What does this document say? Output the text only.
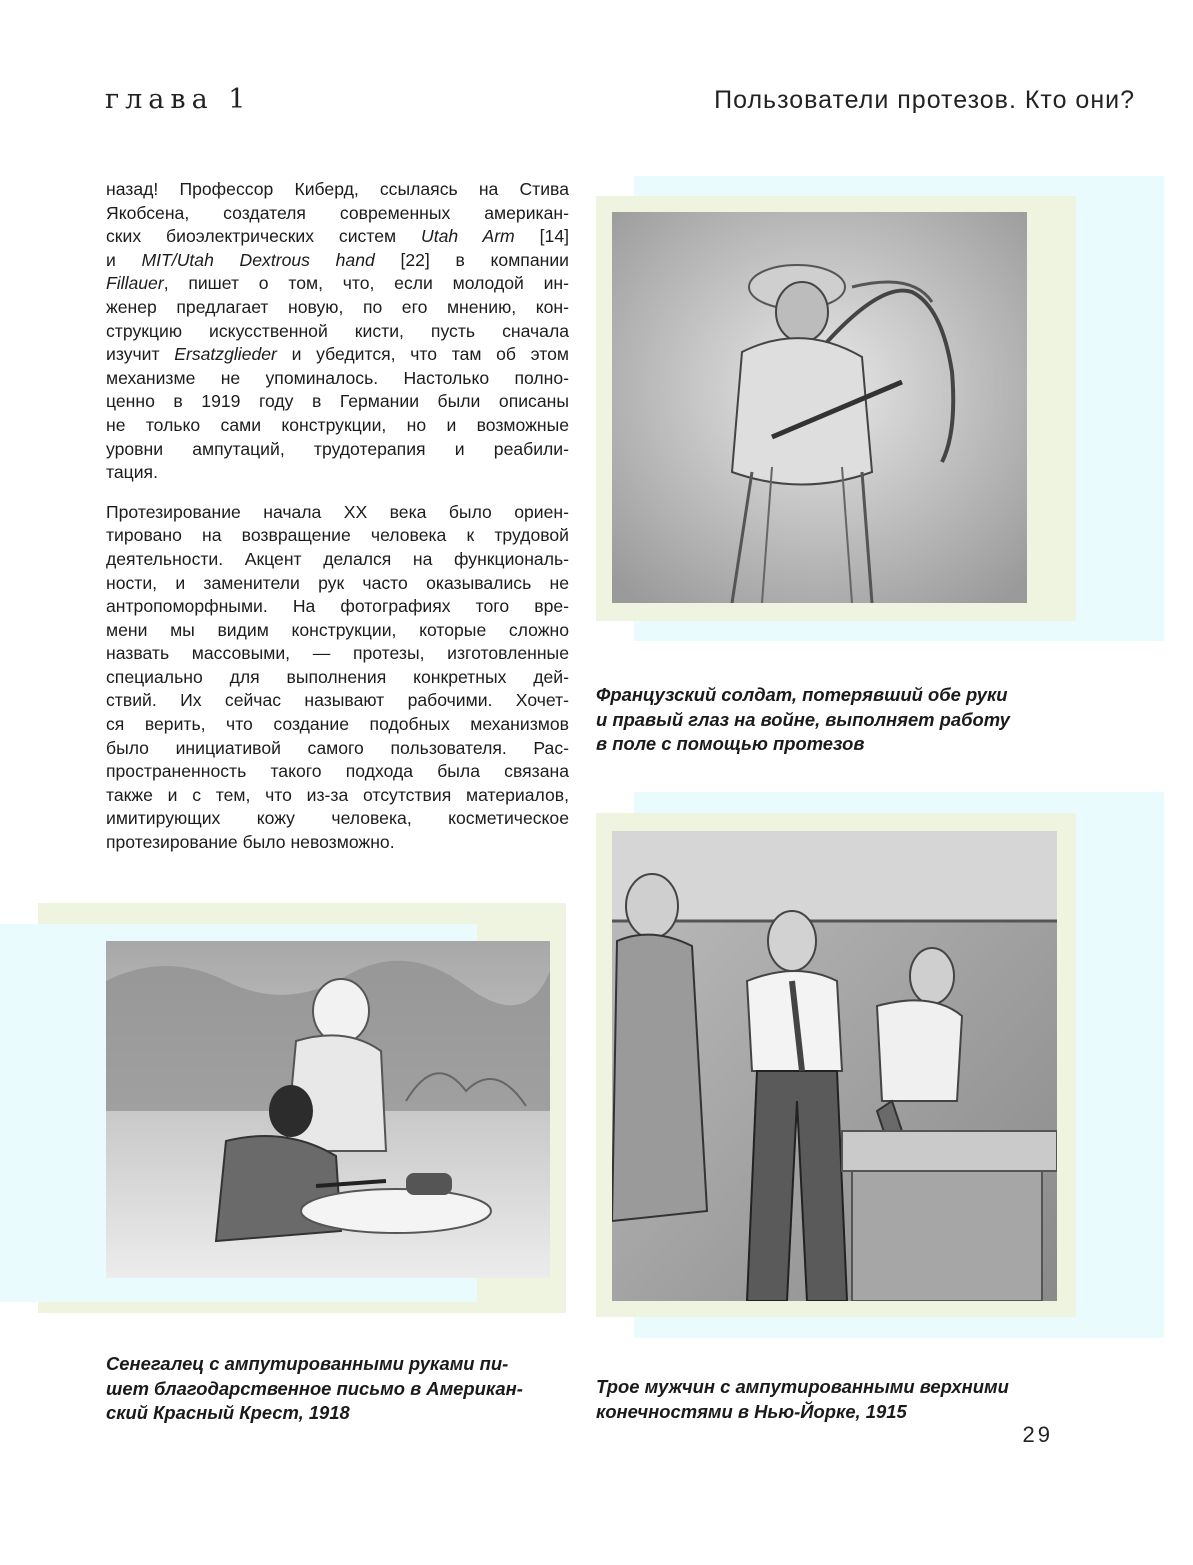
глава 1	Пользователи протезов. Кто они?

назад! Профессор Киберд, ссылаясь на Стива
Якобсена, создателя современных американ-
ских биоэлектрических систем Utah Arm [14]
и MIT/Utah Dextrous hand [22] в компании
Fillauer, пишет о том, что, если молодой ин-
женер предлагает новую, по его мнению, кон-
струкцию искусственной кисти, пусть сначала
изучит Ersatzglieder и убедится, что там об этом
механизме не упоминалось. Настолько полно-
ценно в 1919 году в Германии были описаны
не только сами конструкции, но и возможные
уровни ампутаций, трудотерапия и реабили-
тация.

Протезирование начала XX века было ориен-
тировано на возвращение человека к трудовой
деятельности. Акцент делался на функциональ-
ности, и заменители рук часто оказывались не
антропоморфными. На фотографиях того вре-
мени мы видим конструкции, которые сложно
назвать массовыми, — протезы, изготовленные
специально для выполнения конкретных дей-
ствий. Их сейчас называют рабочими. Хочет-
ся верить, что создание подобных механизмов
было инициативой самого пользователя. Рас-
пространенность такого подхода была связана
также и с тем, что из-за отсутствия материалов,
имитирующих кожу человека, косметическое
протезирование было невозможно.

Французский солдат, потерявший обе руки
и правый глаз на войне, выполняет работу
в поле с помощью протезов
Сенегалец с ампутированными руками пи-
шет благодарственное письмо в Американ-
ский Красный Крест, 1918
Трое мужчин с ампутированными верхними
конечностями в Нью-Йорке, 1915
29
